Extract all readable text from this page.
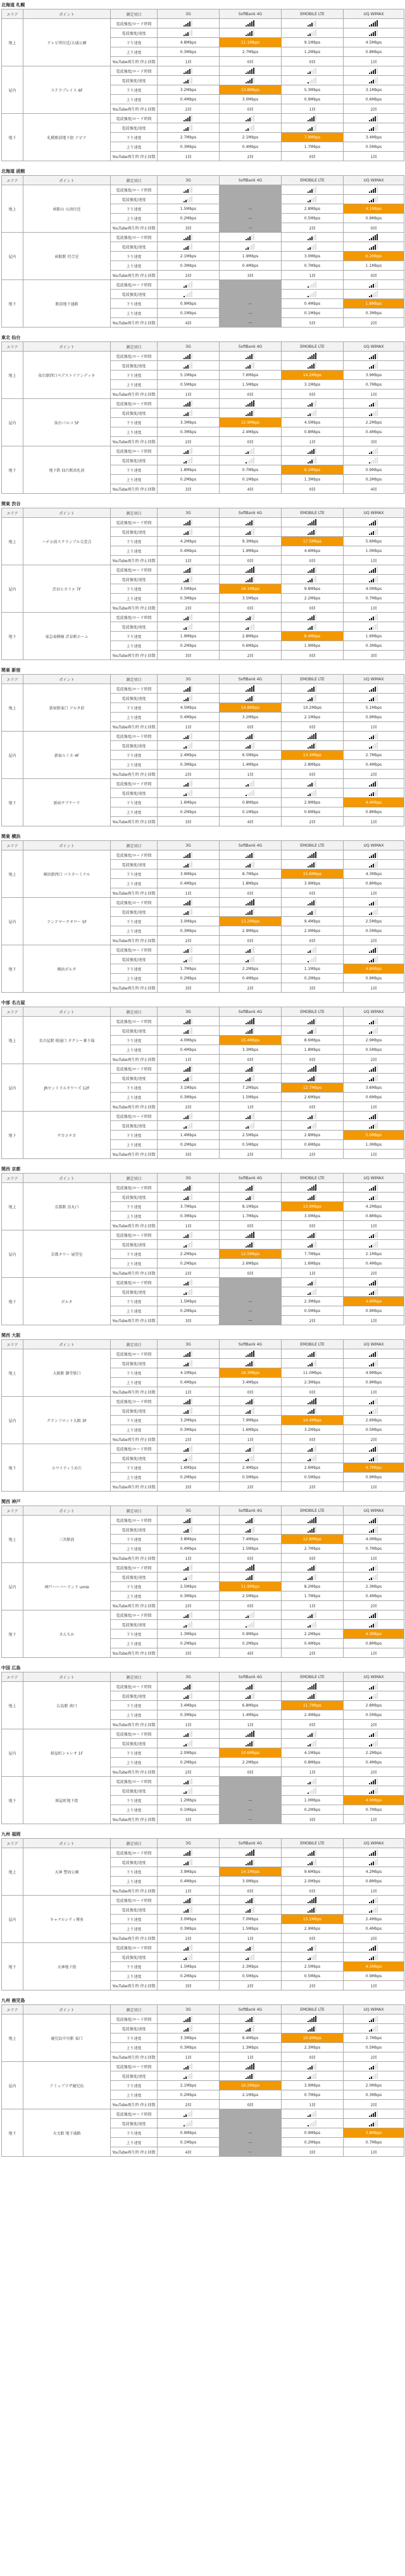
北海道 札幌
エリア	ポイント	測定項目	3G	SoftBank 4G	EMOBILE LTE	UQ WiMAX
地上	テレビ塔付近/大通公園	電波強度/ロード時間				
		電波強度/速度				
		下り速度	4.8Mbps	11.1Mbps	9.1Mbps	4.5Mbps
		上り速度	0.3Mbps	2.7Mbps	1.2Mbps	0.8Mbps
		YouTube再生時 停止回数	1回	0回	0回	1回
屋内	ステラプレイス 6F	電波強度/ロード時間				
		電波強度/速度				
		下り速度	3.2Mbps	13.8Mbps	5.3Mbps	3.1Mbps
		上り速度	0.4Mbps	3.0Mbps	0.9Mbps	0.6Mbps
		YouTube再生時 停止回数	2回	0回	1回	2回
地下	札幌駅前地下街 アピア	電波強度/ロード時間				
		電波強度/速度				
		下り速度	2.7Mbps	2.1Mbps	7.9Mbps	3.4Mbps
		上り速度	0.3Mbps	0.4Mbps	1.7Mbps	0.5Mbps
		YouTube再生時 停止回数	1回	2回	0回	1回
北海道 函館
エリア	ポイント	測定項目	3G	SoftBank 4G	EMOBILE LTE	UQ WiMAX
地上	函館山 山頂付近	電波強度/ロード時間				
		電波強度/速度				
		下り速度	1.5Mbps	—	2.8Mbps	4.1Mbps
		上り速度	0.2Mbps	—	0.5Mbps	0.9Mbps
		YouTube再生時 停止回数	3回	—	2回	0回
屋内	函館駅 待合室	電波強度/ロード時間				
		電波強度/速度				
		下り速度	2.1Mbps	1.9Mbps	3.0Mbps	6.2Mbps
		上り速度	0.3Mbps	0.4Mbps	0.7Mbps	1.1Mbps
		YouTube再生時 停止回数	2回	3回	1回	0回
地下	駅前地下通路	電波強度/ロード時間				
		電波強度/速度				
		下り速度	0.9Mbps	—	0.4Mbps	1.8Mbps
		上り速度	0.1Mbps	—	0.1Mbps	0.3Mbps
		YouTube再生時 停止回数	4回	—	5回	2回
東北 仙台
エリア	ポイント	測定項目	3G	SoftBank 4G	EMOBILE LTE	UQ WiMAX
地上	仙台駅西口ペデストリアンデッキ	電波強度/ロード時間				
		電波強度/速度				
		下り速度	5.1Mbps	7.6Mbps	14.2Mbps	3.9Mbps
		上り速度	0.5Mbps	1.5Mbps	3.1Mbps	0.7Mbps
		YouTube再生時 停止回数	1回	0回	0回	1回
屋内	仙台パルコ 5F	電波強度/ロード時間				
		電波強度/速度				
		下り速度	3.3Mbps	12.9Mbps	4.5Mbps	2.2Mbps
		上り速度	0.3Mbps	2.4Mbps	0.8Mbps	0.4Mbps
		YouTube再生時 停止回数	2回	0回	1回	3回
地下	地下鉄 仙台駅改札前	電波強度/ロード時間				
		電波強度/速度				
		下り速度	1.8Mbps	0.7Mbps	6.1Mbps	0.9Mbps
		上り速度	0.2Mbps	0.1Mbps	1.3Mbps	0.2Mbps
		YouTube再生時 停止回数	3回	4回	0回	4回
関東 渋谷
エリア	ポイント	測定項目	3G	SoftBank 4G	EMOBILE LTE	UQ WiMAX
地上	ハチ公前スクランブル交差点	電波強度/ロード時間				
		電波強度/速度				
		下り速度	4.2Mbps	9.3Mbps	17.5Mbps	5.6Mbps
		上り速度	0.4Mbps	1.9Mbps	4.6Mbps	1.0Mbps
		YouTube再生時 停止回数	1回	0回	0回	1回
屋内	渋谷ヒカリエ 7F	電波強度/ロード時間				
		電波強度/速度				
		下り速度	3.5Mbps	16.1Mbps	9.8Mbps	4.0Mbps
		上り速度	0.3Mbps	3.5Mbps	2.2Mbps	0.7Mbps
		YouTube再生時 停止回数	2回	0回	0回	1回
地下	東急東横線 渋谷駅ホーム	電波強度/ロード時間				
		電波強度/速度				
		下り速度	1.9Mbps	2.8Mbps	8.4Mbps	1.6Mbps
		上り速度	0.2Mbps	0.6Mbps	1.9Mbps	0.3Mbps
		YouTube再生時 停止回数	3回	2回	0回	3回
関東 新宿
エリア	ポイント	測定項目	3G	SoftBank 4G	EMOBILE LTE	UQ WiMAX
地上	新宿駅東口 アルタ前	電波強度/ロード時間				
		電波強度/速度				
		下り速度	4.5Mbps	14.8Mbps	10.2Mbps	5.1Mbps
		上り速度	0.4Mbps	3.2Mbps	2.1Mbps	0.9Mbps
		YouTube再生時 停止回数	1回	0回	0回	1回
屋内	新宿ルミネ 4F	電波強度/ロード時間				
		電波強度/速度				
		下り速度	2.4Mbps	6.5Mbps	13.3Mbps	2.7Mbps
		上り速度	0.3Mbps	1.4Mbps	2.8Mbps	0.4Mbps
		YouTube再生時 停止回数	2回	1回	0回	2回
地下	新宿サブナード	電波強度/ロード時間				
		電波強度/速度				
		下り速度	1.6Mbps	0.8Mbps	2.9Mbps	4.4Mbps
		上り速度	0.2Mbps	0.1Mbps	0.6Mbps	0.8Mbps
		YouTube再生時 停止回数	3回	4回	2回	1回
関東 横浜
エリア	ポイント	測定項目	3G	SoftBank 4G	EMOBILE LTE	UQ WiMAX
地上	横浜駅西口 バスターミナル	電波強度/ロード時間				
		電波強度/速度				
		下り速度	3.9Mbps	8.7Mbps	15.6Mbps	4.3Mbps
		上り速度	0.4Mbps	1.8Mbps	3.9Mbps	0.8Mbps
		YouTube再生時 停止回数	1回	0回	0回	1回
屋内	ランドマークタワー 5F	電波強度/ロード時間				
		電波強度/速度				
		下り速度	3.0Mbps	13.2Mbps	9.4Mbps	2.5Mbps
		上り速度	0.3Mbps	2.9Mbps	2.0Mbps	0.5Mbps
		YouTube再生時 停止回数	2回	0回	0回	2回
地下	横浜ポルタ	電波強度/ロード時間				
		電波強度/速度				
		下り速度	1.7Mbps	2.2Mbps	1.1Mbps	4.8Mbps
		上り速度	0.2Mbps	0.4Mbps	0.2Mbps	0.9Mbps
		YouTube再生時 停止回数	3回	2回	3回	1回
中部 名古屋
エリア	ポイント	測定項目	3G	SoftBank 4G	EMOBILE LTE	UQ WiMAX
地上	名古屋駅 桜通口 タクシー乗り場	電波強度/ロード時間				
		電波強度/速度				
		下り速度	4.0Mbps	15.4Mbps	8.6Mbps	2.9Mbps
		上り速度	0.4Mbps	3.3Mbps	1.8Mbps	0.5Mbps
		YouTube再生時 停止回数	1回	0回	0回	2回
屋内	JRセントラルタワーズ 12F	電波強度/ロード時間				
		電波強度/速度				
		下り速度	3.1Mbps	7.2Mbps	12.7Mbps	3.6Mbps
		上り速度	0.3Mbps	1.5Mbps	2.6Mbps	0.6Mbps
		YouTube再生時 停止回数	2回	1回	0回	1回
地下	サカエチカ	電波強度/ロード時間				
		電波強度/速度				
		下り速度	1.4Mbps	2.5Mbps	2.8Mbps	5.0Mbps
		上り速度	0.2Mbps	0.5Mbps	0.6Mbps	1.0Mbps
		YouTube再生時 停止回数	3回	2回	2回	1回
関西 京都
エリア	ポイント	測定項目	3G	SoftBank 4G	EMOBILE LTE	UQ WiMAX
地上	京都駅 烏丸口	電波強度/ロード時間				
		電波強度/速度				
		下り速度	3.7Mbps	8.1Mbps	13.9Mbps	4.2Mbps
		上り速度	0.3Mbps	1.7Mbps	3.0Mbps	0.8Mbps
		YouTube再生時 停止回数	1回	0回	0回	1回
屋内	京都タワー 展望室	電波強度/ロード時間				
		電波強度/速度				
		下り速度	2.2Mbps	12.5Mbps	7.7Mbps	2.1Mbps
		上り速度	0.2Mbps	2.6Mbps	1.6Mbps	0.4Mbps
		YouTube再生時 停止回数	2回	0回	1回	2回
地下	ポルタ	電波強度/ロード時間				
		電波強度/速度				
		下り速度	1.5Mbps	—	2.3Mbps	4.6Mbps
		上り速度	0.2Mbps	—	0.5Mbps	0.9Mbps
		YouTube再生時 停止回数	3回	—	2回	1回
関西 大阪
エリア	ポイント	測定項目	3G	SoftBank 4G	EMOBILE LTE	UQ WiMAX
地上	大阪駅 御堂筋口	電波強度/ロード時間				
		電波強度/速度				
		下り速度	4.1Mbps	16.3Mbps	11.0Mbps	4.9Mbps
		上り速度	0.4Mbps	3.4Mbps	2.3Mbps	0.9Mbps
		YouTube再生時 停止回数	1回	0回	0回	1回
屋内	グランフロント大阪 3F	電波強度/ロード時間				
		電波強度/速度				
		下り速度	3.2Mbps	7.9Mbps	14.4Mbps	2.6Mbps
		上り速度	0.3Mbps	1.6Mbps	3.2Mbps	0.5Mbps
		YouTube再生時 停止回数	2回	1回	0回	2回
地下	ホワイティうめだ	電波強度/ロード時間				
		電波強度/速度				
		下り速度	1.6Mbps	2.4Mbps	2.6Mbps	4.7Mbps
		上り速度	0.2Mbps	0.5Mbps	0.5Mbps	0.9Mbps
		YouTube再生時 停止回数	3回	2回	2回	1回
関西 神戸
エリア	ポイント	測定項目	3G	SoftBank 4G	EMOBILE LTE	UQ WiMAX
地上	三宮駅前	電波強度/ロード時間				
		電波強度/速度				
		下り速度	3.8Mbps	7.4Mbps	12.8Mbps	4.0Mbps
		上り速度	0.4Mbps	1.5Mbps	2.7Mbps	0.7Mbps
		YouTube再生時 停止回数	1回	0回	0回	1回
屋内	神戸ハーバーランド umie	電波強度/ロード時間				
		電波強度/速度				
		下り速度	2.5Mbps	11.9Mbps	8.2Mbps	2.3Mbps
		上り速度	0.3Mbps	2.5Mbps	1.7Mbps	0.4Mbps
		YouTube再生時 停止回数	2回	0回	1回	2回
地下	さんちか	電波強度/ロード時間				
		電波強度/速度				
		下り速度	1.3Mbps	0.9Mbps	2.2Mbps	4.3Mbps
		上り速度	0.2Mbps	0.2Mbps	0.4Mbps	0.8Mbps
		YouTube再生時 停止回数	3回	4回	2回	1回
中国 広島
エリア	ポイント	測定項目	3G	SoftBank 4G	EMOBILE LTE	UQ WiMAX
地上	広島駅 南口	電波強度/ロード時間				
		電波強度/速度				
		下り速度	3.4Mbps	6.8Mbps	11.7Mbps	2.8Mbps
		上り速度	0.3Mbps	1.4Mbps	2.4Mbps	0.5Mbps
		YouTube再生時 停止回数	1回	1回	0回	2回
屋内	紙屋町シャレオ 1F	電波強度/ロード時間				
		電波強度/速度				
		下り速度	2.0Mbps	10.6Mbps	4.1Mbps	2.2Mbps
		上り速度	0.2Mbps	2.2Mbps	0.8Mbps	0.4Mbps
		YouTube再生時 停止回数	2回	0回	1回	2回
地下	紙屋町地下街	電波強度/ロード時間				
		電波強度/速度				
		下り速度	1.2Mbps	—	1.0Mbps	4.0Mbps
		上り速度	0.1Mbps	—	0.2Mbps	0.7Mbps
		YouTube再生時 停止回数	3回	—	3回	1回
九州 福岡
エリア	ポイント	測定項目	3G	SoftBank 4G	EMOBILE LTE	UQ WiMAX
地上	天神 警固公園	電波強度/ロード時間				
		電波強度/速度				
		下り速度	3.9Mbps	14.1Mbps	9.6Mbps	4.2Mbps
		上り速度	0.4Mbps	3.0Mbps	2.0Mbps	0.8Mbps
		YouTube再生時 停止回数	1回	0回	0回	1回
屋内	キャナルシティ博多	電波強度/ロード時間				
		電波強度/速度				
		下り速度	3.0Mbps	7.0Mbps	13.1Mbps	2.4Mbps
		上り速度	0.3Mbps	1.5Mbps	2.9Mbps	0.4Mbps
		YouTube再生時 停止回数	2回	1回	0回	2回
地下	天神地下街	電波強度/ロード時間				
		電波強度/速度				
		下り速度	1.5Mbps	2.3Mbps	2.5Mbps	4.5Mbps
		上り速度	0.2Mbps	0.5Mbps	0.5Mbps	0.9Mbps
		YouTube再生時 停止回数	3回	2回	2回	1回
九州 鹿児島
エリア	ポイント	測定項目	3G	SoftBank 4G	EMOBILE LTE	UQ WiMAX
地上	鹿児島中央駅 東口	電波強度/ロード時間				
		電波強度/速度				
		下り速度	3.3Mbps	6.4Mbps	10.9Mbps	2.7Mbps
		上り速度	0.3Mbps	1.3Mbps	2.3Mbps	0.5Mbps
		YouTube再生時 停止回数	1回	1回	0回	2回
屋内	アミュプラザ鹿児島	電波強度/ロード時間				
		電波強度/速度				
		下り速度	2.1Mbps	10.2Mbps	3.9Mbps	2.0Mbps
		上り速度	0.2Mbps	2.1Mbps	0.7Mbps	0.3Mbps
		YouTube再生時 停止回数	2回	0回	1回	2回
地下	天文館 地下通路	電波強度/ロード時間				
		電波強度/速度				
		下り速度	0.9Mbps	—	0.9Mbps	3.8Mbps
		上り速度	0.1Mbps	—	0.2Mbps	0.7Mbps
		YouTube再生時 停止回数	4回	—	3回	1回
